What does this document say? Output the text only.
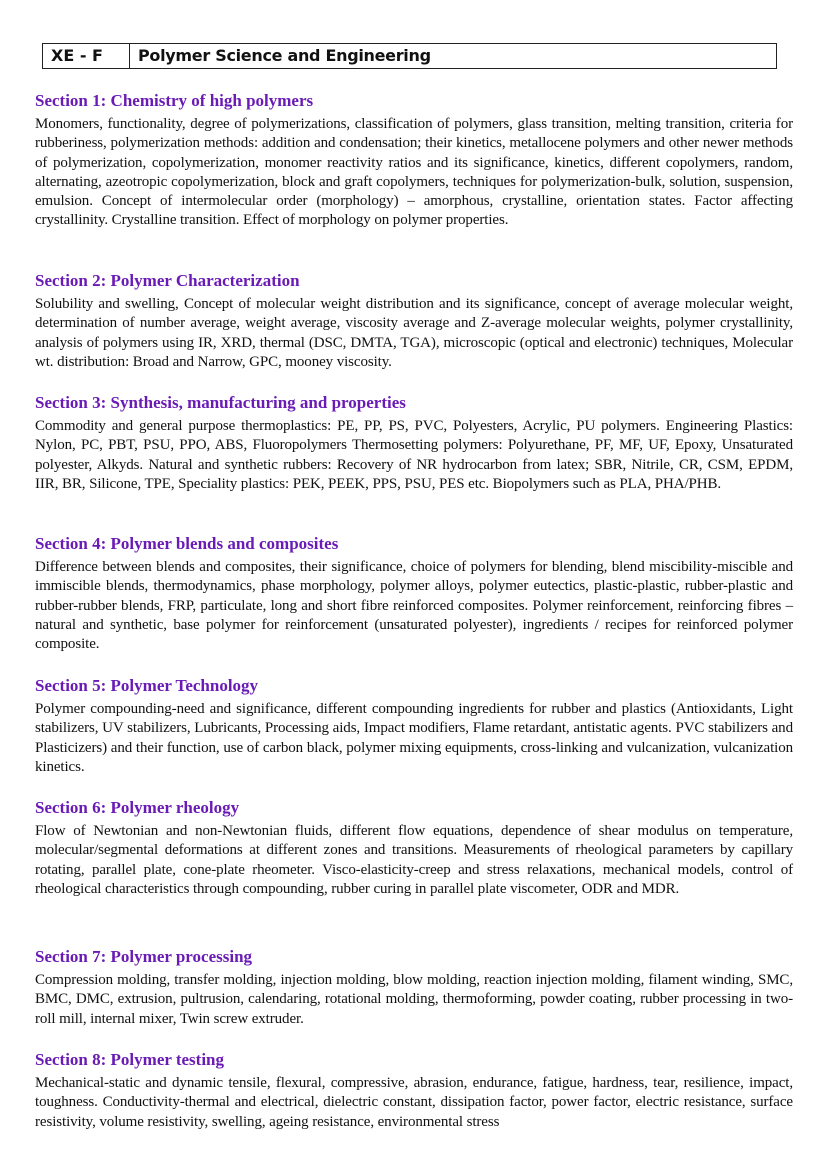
XE - F	Polymer Science and Engineering
Section 1: Chemistry of high polymers

Monomers, functionality, degree of polymerizations, classification of polymers, glass transition, melting transition, criteria for rubberiness, polymerization methods: addition and condensation; their kinetics, metallocene polymers and other newer methods of polymerization, copolymerization, monomer reactivity ratios and its significance, kinetics, different copolymers, random, alternating, azeotropic copolymerization, block and graft copolymers, techniques for polymerization-bulk, solution, suspension, emulsion. Concept of intermolecular order (morphology) – amorphous, crystalline, orientation states. Factor affecting crystallinity. Crystalline transition. Effect of morphology on polymer properties.

Section 2: Polymer Characterization

Solubility and swelling, Concept of molecular weight distribution and its significance, concept of average molecular weight, determination of number average, weight average, viscosity average and Z-average molecular weights, polymer crystallinity, analysis of polymers using IR, XRD, thermal (DSC, DMTA, TGA), microscopic (optical and electronic) techniques, Molecular wt. distribution: Broad and Narrow, GPC, mooney viscosity.

Section 3: Synthesis, manufacturing and properties

Commodity and general purpose thermoplastics: PE, PP, PS, PVC, Polyesters, Acrylic, PU polymers. Engineering Plastics: Nylon, PC, PBT, PSU, PPO, ABS, Fluoropolymers Thermosetting polymers: Polyurethane, PF, MF, UF, Epoxy, Unsaturated polyester, Alkyds. Natural and synthetic rubbers: Recovery of NR hydrocarbon from latex; SBR, Nitrile, CR, CSM, EPDM, IIR, BR, Silicone, TPE, Speciality plastics: PEK, PEEK, PPS, PSU, PES etc. Biopolymers such as PLA, PHA/PHB.

Section 4: Polymer blends and composites

Difference between blends and composites, their significance, choice of polymers for blending, blend miscibility-miscible and immiscible blends, thermodynamics, phase morphology, polymer alloys, polymer eutectics, plastic-plastic, rubber-plastic and rubber-rubber blends, FRP, particulate, long and short fibre reinforced composites. Polymer reinforcement, reinforcing fibres – natural and synthetic, base polymer for reinforcement (unsaturated polyester), ingredients / recipes for reinforced polymer composite.

Section 5: Polymer Technology

Polymer compounding-need and significance, different compounding ingredients for rubber and plastics (Antioxidants, Light stabilizers, UV stabilizers, Lubricants, Processing aids, Impact modifiers, Flame retardant, antistatic agents. PVC stabilizers and Plasticizers) and their function, use of carbon black, polymer mixing equipments, cross-linking and vulcanization, vulcanization kinetics.

Section 6: Polymer rheology

Flow of Newtonian and non-Newtonian fluids, different flow equations, dependence of shear modulus on temperature, molecular/segmental deformations at different zones and transitions. Measurements of rheological parameters by capillary rotating, parallel plate, cone-plate rheometer. Visco-elasticity-creep and stress relaxations, mechanical models, control of rheological characteristics through compounding, rubber curing in parallel plate viscometer, ODR and MDR.

Section 7: Polymer processing

Compression molding, transfer molding, injection molding, blow molding, reaction injection molding, filament winding, SMC, BMC, DMC, extrusion, pultrusion, calendaring, rotational molding, thermoforming, powder coating, rubber processing in two-roll mill, internal mixer, Twin screw extruder.

Section 8: Polymer testing

Mechanical-static and dynamic tensile, flexural, compressive, abrasion, endurance, fatigue, hardness, tear, resilience, impact, toughness. Conductivity-thermal and electrical, dielectric constant, dissipation factor, power factor, electric resistance, surface resistivity, volume resistivity, swelling, ageing resistance, environmental stress
